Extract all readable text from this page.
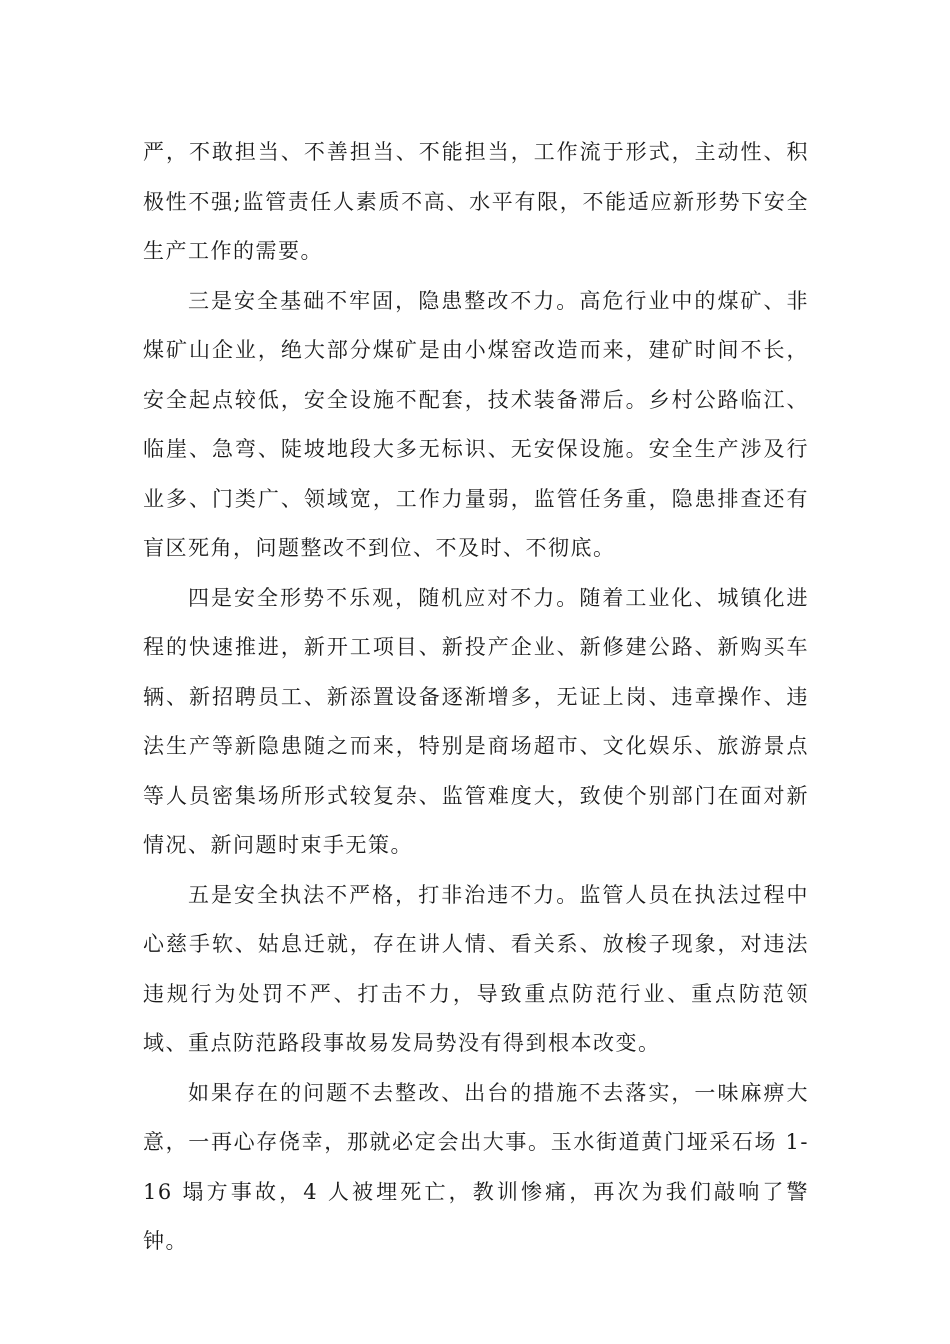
严，不敢担当、不善担当、不能担当，工作流于形式，主动性、积极性不强;监管责任人素质不高、水平有限，不能适应新形势下安全生产工作的需要。

三是安全基础不牢固，隐患整改不力。高危行业中的煤矿、非煤矿山企业，绝大部分煤矿是由小煤窑改造而来，建矿时间不长，安全起点较低，安全设施不配套，技术装备滞后。乡村公路临江、临崖、急弯、陡坡地段大多无标识、无安保设施。安全生产涉及行业多、门类广、领域宽，工作力量弱，监管任务重，隐患排查还有盲区死角，问题整改不到位、不及时、不彻底。

四是安全形势不乐观，随机应对不力。随着工业化、城镇化进程的快速推进，新开工项目、新投产企业、新修建公路、新购买车辆、新招聘员工、新添置设备逐渐增多，无证上岗、违章操作、违法生产等新隐患随之而来，特别是商场超市、文化娱乐、旅游景点等人员密集场所形式较复杂、监管难度大，致使个别部门在面对新情况、新问题时束手无策。

五是安全执法不严格，打非治违不力。监管人员在执法过程中心慈手软、姑息迁就，存在讲人情、看关系、放梭子现象，对违法违规行为处罚不严、打击不力，导致重点防范行业、重点防范领域、重点防范路段事故易发局势没有得到根本改变。

如果存在的问题不去整改、出台的措施不去落实，一味麻痹大意，一再心存侥幸，那就必定会出大事。玉水街道黄门垭采石场 1-16 塌方事故，4 人被埋死亡，教训惨痛，再次为我们敲响了警钟。
